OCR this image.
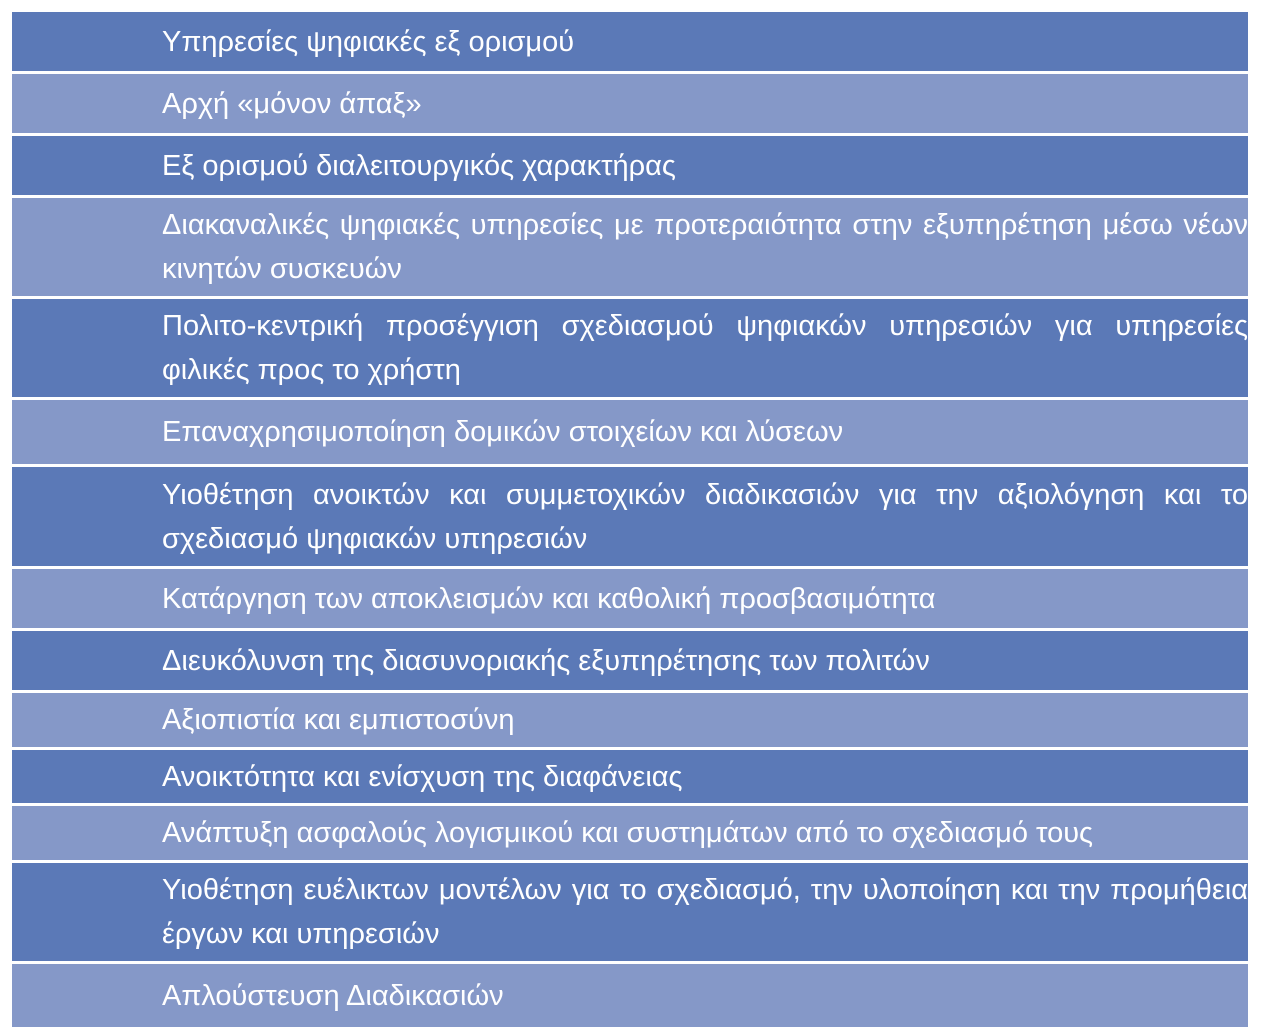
Υπηρεσίες ψηφιακές εξ ορισμού
Αρχή «μόνον άπαξ»
Εξ ορισμού διαλειτουργικός χαρακτήρας
Διακαναλικές ψηφιακές υπηρεσίες με προτεραιότητα στην εξυπηρέτηση μέσω νέων κινητών συσκευών
Πολιτο-κεντρική προσέγγιση σχεδιασμού ψηφιακών υπηρεσιών για υπηρεσίες φιλικές προς το χρήστη
Επαναχρησιμοποίηση δομικών στοιχείων και λύσεων
Υιοθέτηση ανοικτών και συμμετοχικών διαδικασιών για την αξιολόγηση και το σχεδιασμό ψηφιακών υπηρεσιών
Κατάργηση των αποκλεισμών και καθολική προσβασιμότητα
Διευκόλυνση της διασυνοριακής εξυπηρέτησης των πολιτών
Αξιοπιστία και εμπιστοσύνη
Ανοικτότητα και ενίσχυση της διαφάνειας
Ανάπτυξη ασφαλούς λογισμικού και συστημάτων από το σχεδιασμό τους
Υιοθέτηση ευέλικτων μοντέλων για το σχεδιασμό, την υλοποίηση και την προμήθεια έργων και υπηρεσιών
Απλούστευση Διαδικασιών
